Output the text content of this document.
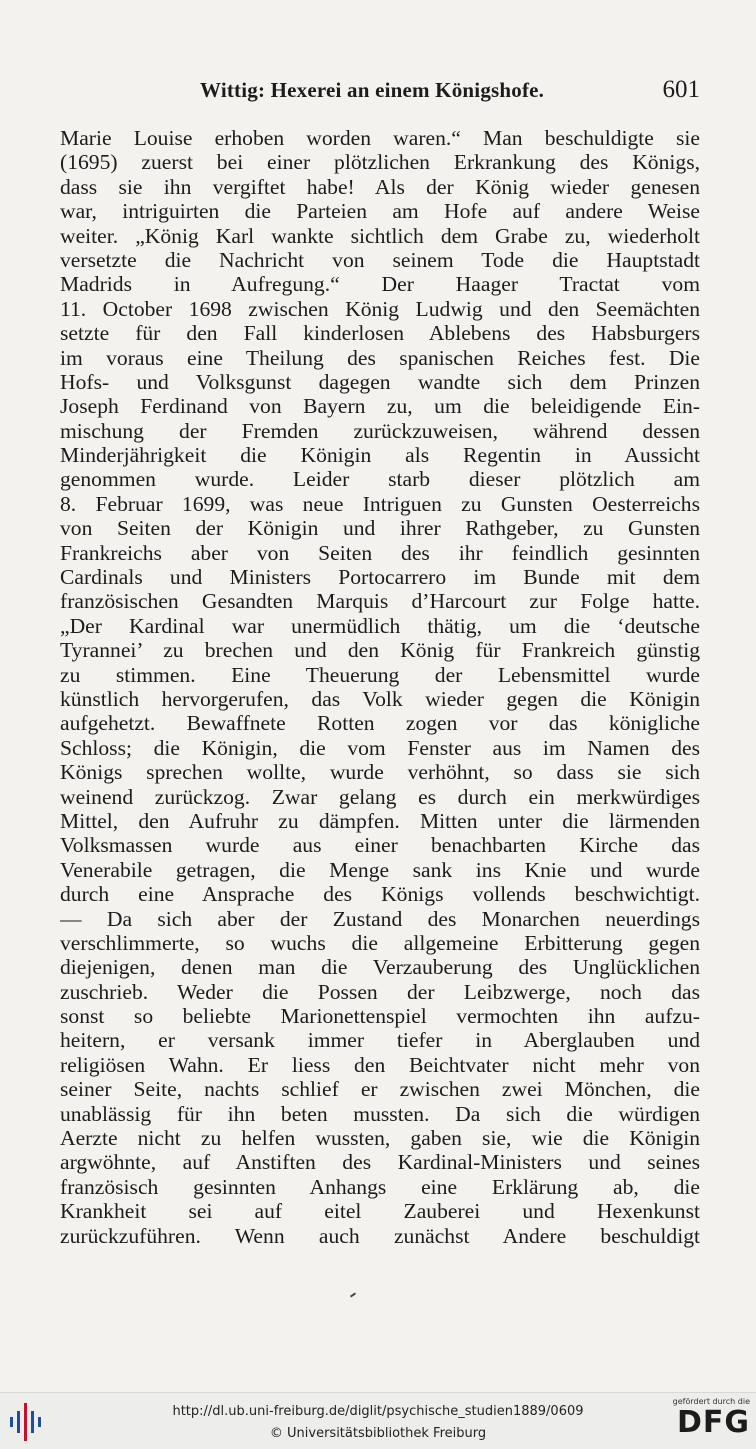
Wittig: Hexerei an einem Königshofe.	601
Marie Louise erhoben worden waren.“ Man beschuldigte sie
(1695) zuerst bei einer plötzlichen Erkrankung des Königs,
dass sie ihn vergiftet habe! Als der König wieder genesen
war, intriguirten die Parteien am Hofe auf andere Weise
weiter. „König Karl wankte sichtlich dem Grabe zu, wiederholt
versetzte die Nachricht von seinem Tode die Hauptstadt
Madrids in Aufregung.“ Der Haager Tractat vom
11. October 1698 zwischen König Ludwig und den Seemächten
setzte für den Fall kinderlosen Ablebens des Habsburgers
im voraus eine Theilung des spanischen Reiches fest. Die
Hofs- und Volksgunst dagegen wandte sich dem Prinzen
Joseph Ferdinand von Bayern zu, um die beleidigende Ein-
mischung der Fremden zurückzuweisen, während dessen
Minderjährigkeit die Königin als Regentin in Aussicht
genommen wurde. Leider starb dieser plötzlich am
8. Februar 1699, was neue Intriguen zu Gunsten Oesterreichs
von Seiten der Königin und ihrer Rathgeber, zu Gunsten
Frankreichs aber von Seiten des ihr feindlich gesinnten
Cardinals und Ministers Portocarrero im Bunde mit dem
französischen Gesandten Marquis d’Harcourt zur Folge hatte.
„Der Kardinal war unermüdlich thätig, um die ‘deutsche
Tyrannei’ zu brechen und den König für Frankreich günstig
zu stimmen. Eine Theuerung der Lebensmittel wurde
künstlich hervorgerufen, das Volk wieder gegen die Königin
aufgehetzt. Bewaffnete Rotten zogen vor das königliche
Schloss; die Königin, die vom Fenster aus im Namen des
Königs sprechen wollte, wurde verhöhnt, so dass sie sich
weinend zurückzog. Zwar gelang es durch ein merkwürdiges
Mittel, den Aufruhr zu dämpfen. Mitten unter die lärmenden
Volksmassen wurde aus einer benachbarten Kirche das
Venerabile getragen, die Menge sank ins Knie und wurde
durch eine Ansprache des Königs vollends beschwichtigt.
— Da sich aber der Zustand des Monarchen neuerdings
verschlimmerte, so wuchs die allgemeine Erbitterung gegen
diejenigen, denen man die Verzauberung des Unglücklichen
zuschrieb. Weder die Possen der Leibzwerge, noch das
sonst so beliebte Marionettenspiel vermochten ihn aufzu-
heitern, er versank immer tiefer in Aberglauben und
religiösen Wahn. Er liess den Beichtvater nicht mehr von
seiner Seite, nachts schlief er zwischen zwei Mönchen, die
unablässig für ihn beten mussten. Da sich die würdigen
Aerzte nicht zu helfen wussten, gaben sie, wie die Königin
argwöhnte, auf Anstiften des Kardinal-Ministers und seines
französisch gesinnten Anhangs eine Erklärung ab, die
Krankheit sei auf eitel Zauberei und Hexenkunst
zurückzuführen. Wenn auch zunächst Andere beschuldigt
http://dl.ub.uni-freiburg.de/diglit/psychische_studien1889/0609
© Universitätsbibliothek Freiburg
gefördert durch die
DFG
